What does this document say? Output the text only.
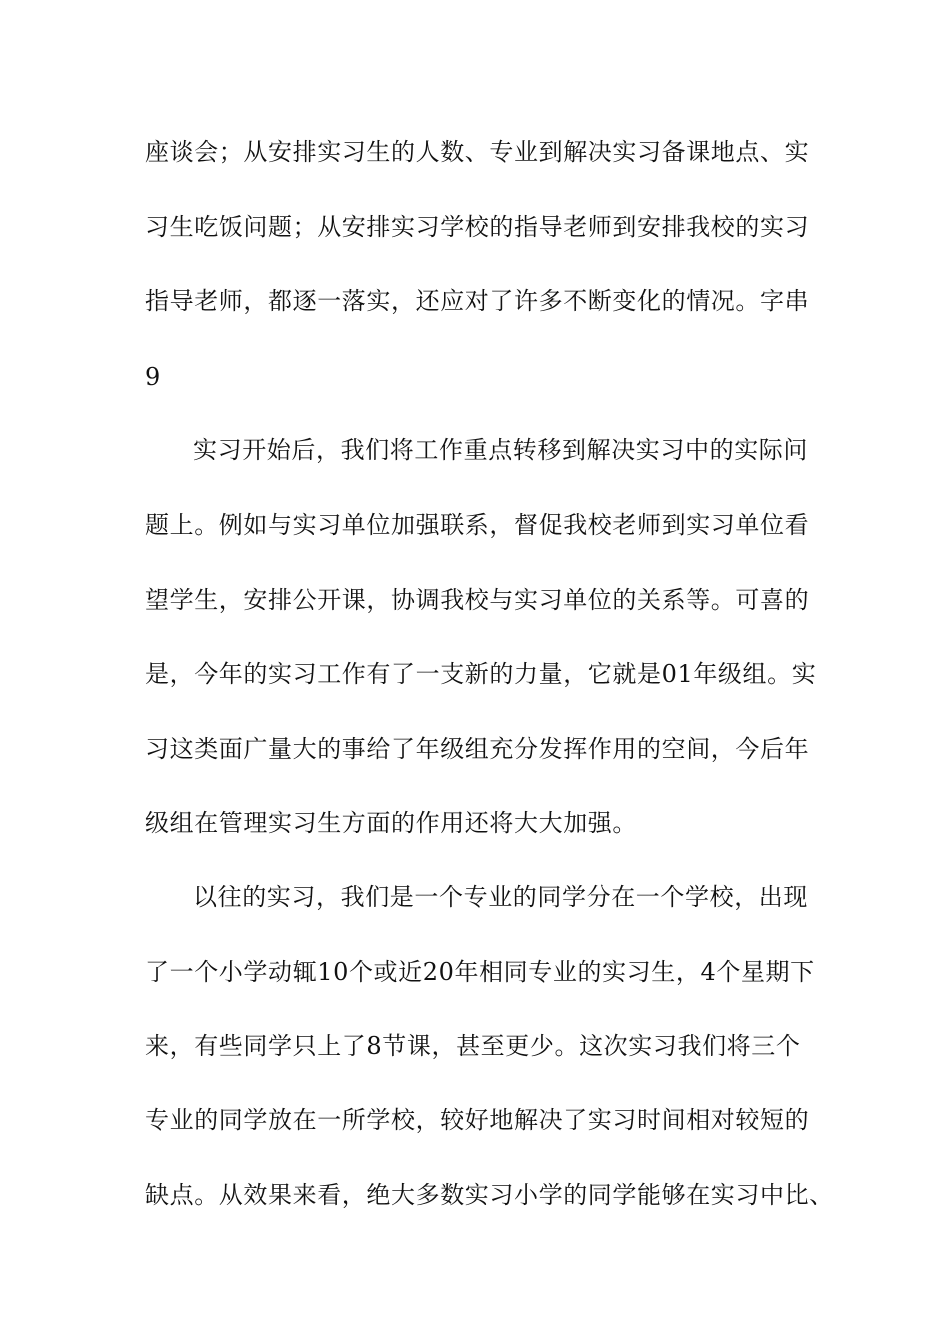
座谈会；从安排实习生的人数、专业到解决实习备课地点、实
习生吃饭问题；从安排实习学校的指导老师到安排我校的实习
指导老师，都逐一落实，还应对了许多不断变化的情况。字串
9
实习开始后，我们将工作重点转移到解决实习中的实际问
题上。例如与实习单位加强联系，督促我校老师到实习单位看
望学生，安排公开课，协调我校与实习单位的关系等。可喜的
是，今年的实习工作有了一支新的力量，它就是01年级组。实
习这类面广量大的事给了年级组充分发挥作用的空间，今后年
级组在管理实习生方面的作用还将大大加强。
以往的实习，我们是一个专业的同学分在一个学校，出现
了一个小学动辄10个或近20年相同专业的实习生，4个星期下
来，有些同学只上了8节课，甚至更少。这次实习我们将三个
专业的同学放在一所学校，较好地解决了实习时间相对较短的
缺点。从效果来看，绝大多数实习小学的同学能够在实习中比、
